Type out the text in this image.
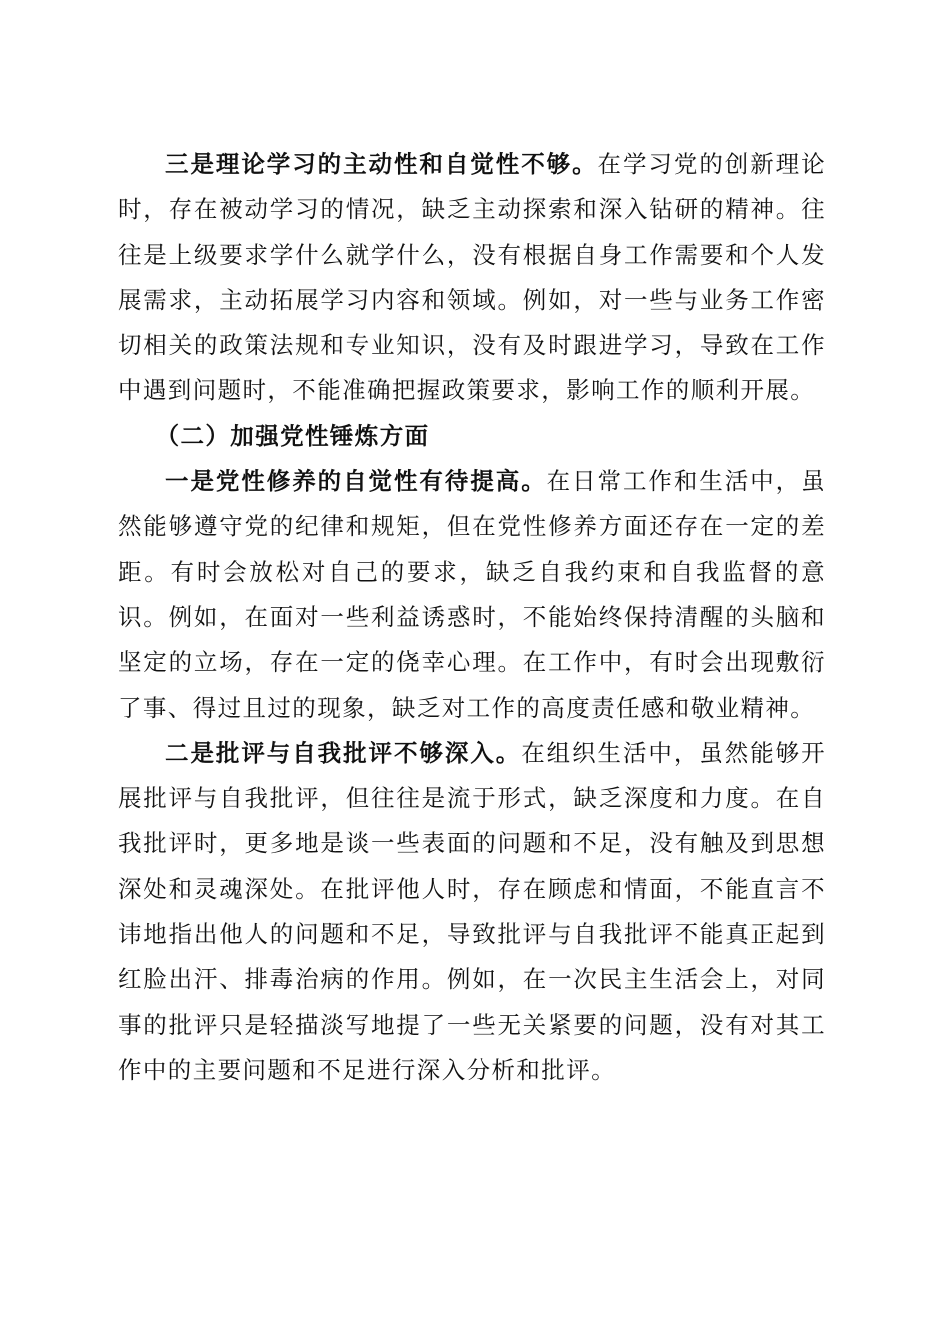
三是理论学习的主动性和自觉性不够。在学习党的创新理论时，存在被动学习的情况，缺乏主动探索和深入钻研的精神。往往是上级要求学什么就学什么，没有根据自身工作需要和个人发展需求，主动拓展学习内容和领域。例如，对一些与业务工作密切相关的政策法规和专业知识，没有及时跟进学习，导致在工作中遇到问题时，不能准确把握政策要求，影响工作的顺利开展。

（二）加强党性锤炼方面

一是党性修养的自觉性有待提高。在日常工作和生活中，虽然能够遵守党的纪律和规矩，但在党性修养方面还存在一定的差距。有时会放松对自己的要求，缺乏自我约束和自我监督的意识。例如，在面对一些利益诱惑时，不能始终保持清醒的头脑和坚定的立场，存在一定的侥幸心理。在工作中，有时会出现敷衍了事、得过且过的现象，缺乏对工作的高度责任感和敬业精神。

二是批评与自我批评不够深入。在组织生活中，虽然能够开展批评与自我批评，但往往是流于形式，缺乏深度和力度。在自我批评时，更多地是谈一些表面的问题和不足，没有触及到思想深处和灵魂深处。在批评他人时，存在顾虑和情面，不能直言不讳地指出他人的问题和不足，导致批评与自我批评不能真正起到红脸出汗、排毒治病的作用。例如，在一次民主生活会上，对同事的批评只是轻描淡写地提了一些无关紧要的问题，没有对其工作中的主要问题和不足进行深入分析和批评。
